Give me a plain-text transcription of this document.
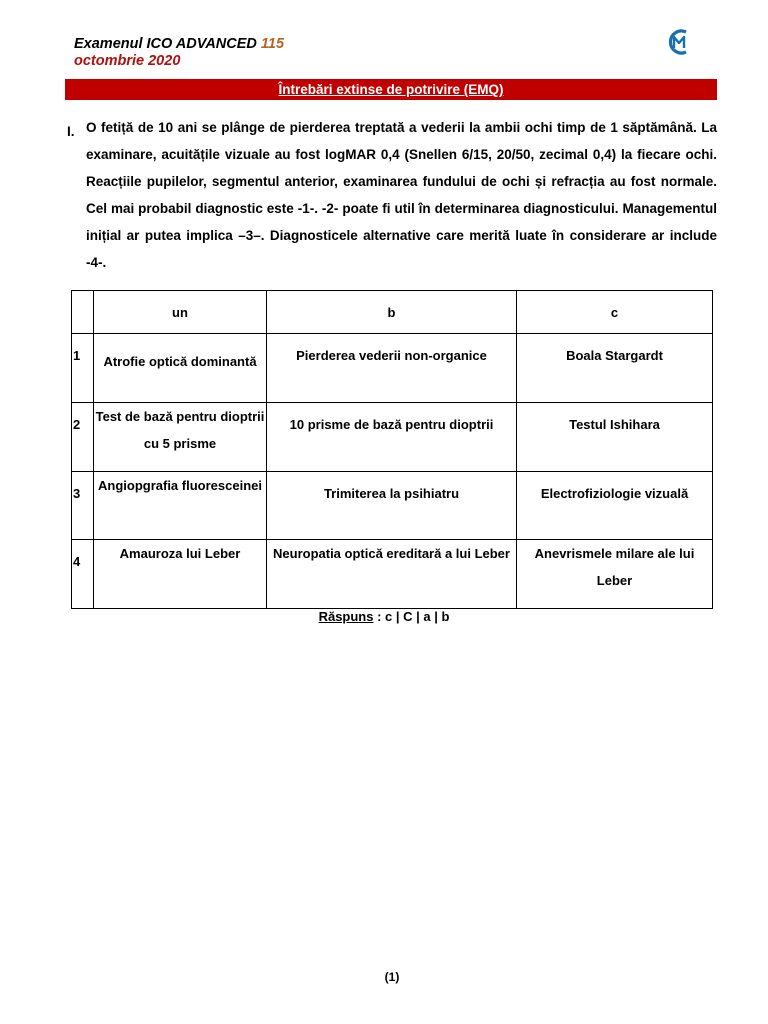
Examenul ICO ADVANCED 115
octombrie 2020
Întrebări extinse de potrivire (EMQ)
I. O fetiță de 10 ani se plânge de pierderea treptată a vederii la ambii ochi timp de 1 săptămână. La examinare, acuitățile vizuale au fost logMAR 0,4 (Snellen 6/15, 20/50, zecimal 0,4) la fiecare ochi. Reacțiile pupilelor, segmentul anterior, examinarea fundului de ochi și refracția au fost normale. Cel mai probabil diagnostic este -1-. -2- poate fi util în determinarea diagnosticului. Managementul inițial ar putea implica –3–. Diagnosticele alternative care merită luate în considerare ar include -4-.
	un	b	c

1	Atrofie optică dominantă	Pierderea vederii non-organice	Boala Stargardt

2	Test de bază pentru dioptrii cu 5 prisme	10 prisme de bază pentru dioptrii	Testul Ishihara

3	Angiopgrafia fluoresceinei	Trimiterea la psihiatru	Electrofiziologie vizuală

4	Amauroza lui Leber	Neuropatia optică ereditară a lui Leber	Anevrismele milare ale lui Leber
Răspuns : c | C | a | b
(1)
